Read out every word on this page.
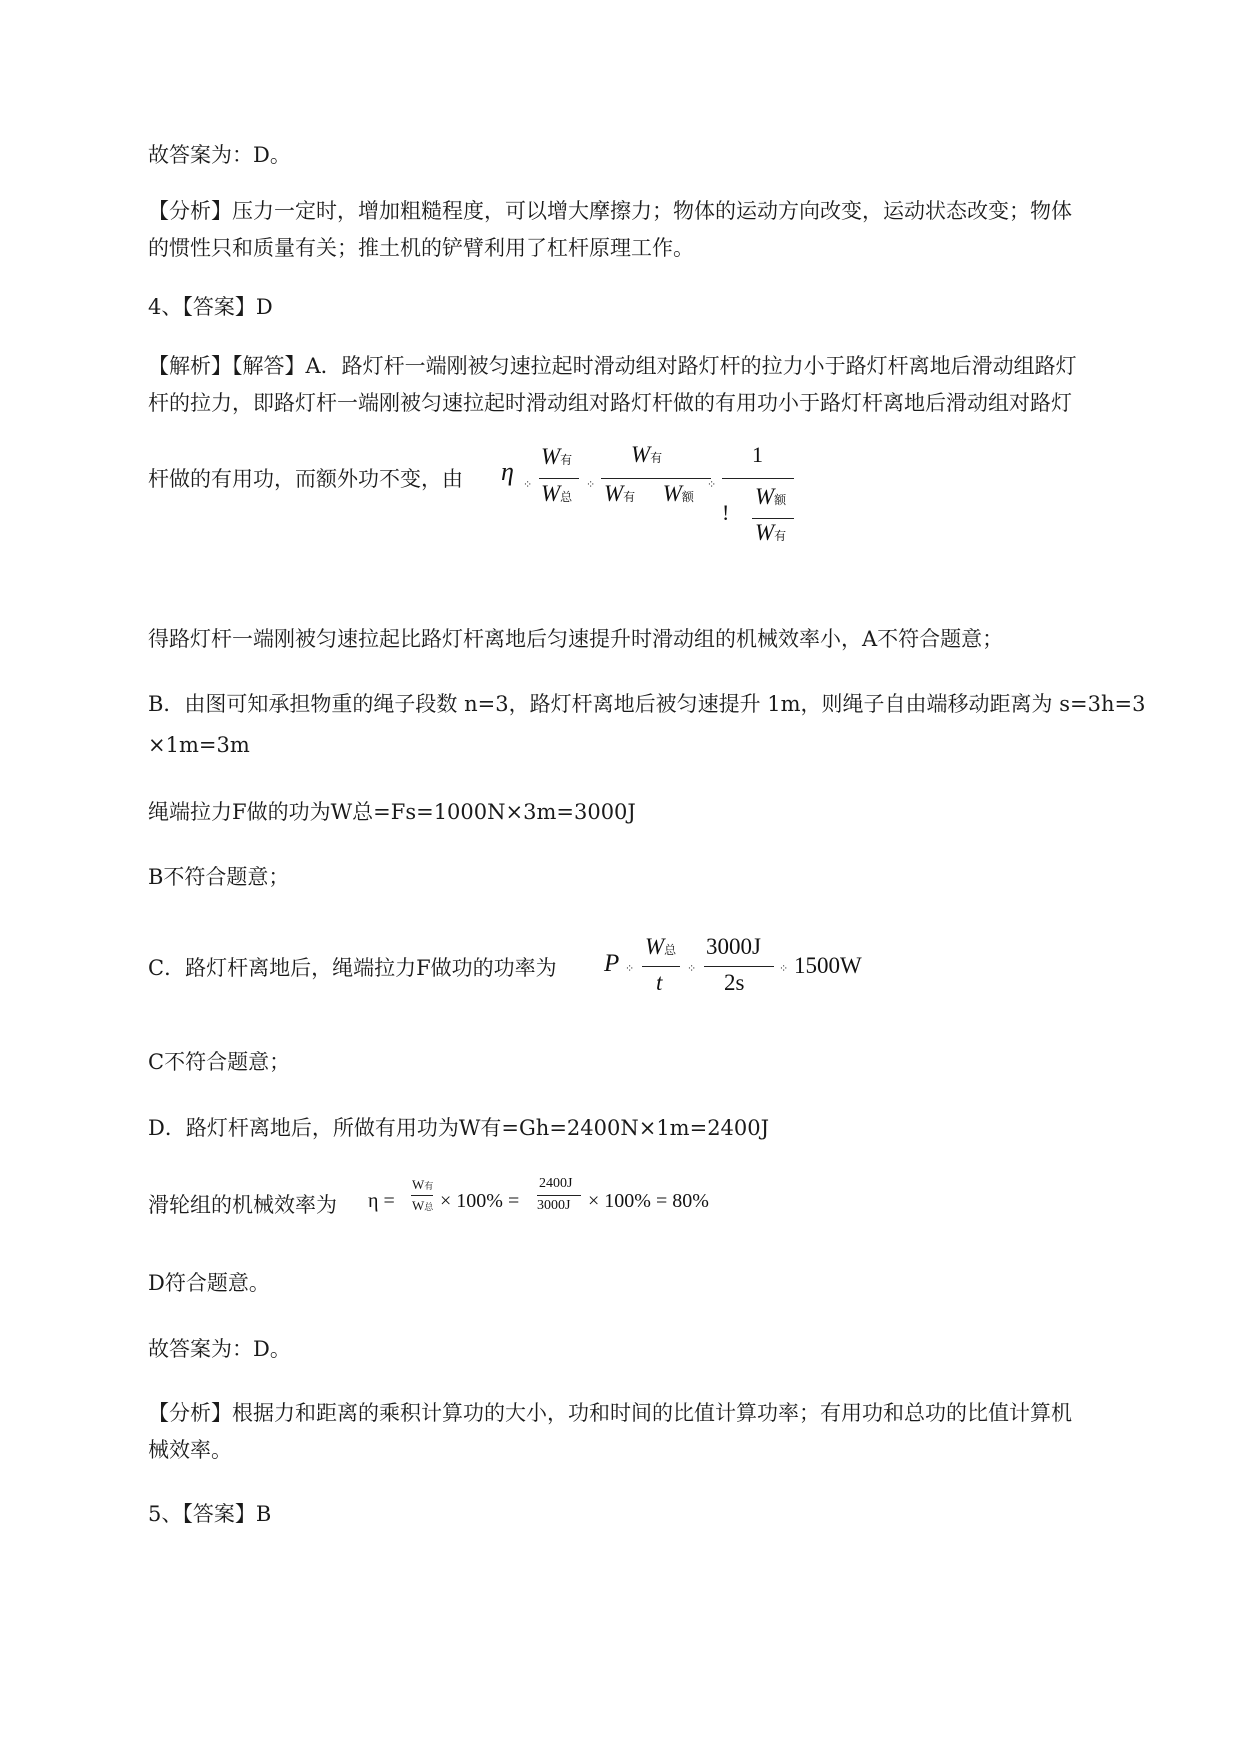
故答案为：D。
【分析】压力一定时，增加粗糙程度，可以增大摩擦力；物体的运动方向改变，运动状态改变；物体
的惯性只和质量有关；推土机的铲臂利用了杠杆原理工作。
4、【答案】D
【解析】【解答】A．路灯杆一端刚被匀速拉起时滑动组对路灯杆的拉力小于路灯杆离地后滑动组路灯
杆的拉力，即路灯杆一端刚被匀速拉起时滑动组对路灯杆做的有用功小于路灯杆离地后滑动组对路灯
杆做的有用功，而额外功不变，由	η ⁘
W有
W总
⁘
W有
W有 W额
⁘
1
!
W额
W有
得路灯杆一端刚被匀速拉起比路灯杆离地后匀速提升时滑动组的机械效率小，A不符合题意；
B．由图可知承担物重的绳子段数 n=3，路灯杆离地后被匀速提升 1m，则绳子自由端移动距离为 s=3h=3
×1m=3m
绳端拉力F做的功为W总=Fs=1000N×3m=3000J
B不符合题意；
C．路灯杆离地后，绳端拉力F做功的功率为	P ⁘
W总
t
⁘
3000J
2s
⁘ 1500W
C不符合题意；
D．路灯杆离地后，所做有用功为W有=Gh=2400N×1m=2400J
滑轮组的机械效率为	η =
W有
W总 × 100% =
2400J
3000J × 100% = 80%
D符合题意。
故答案为：D。
【分析】根据力和距离的乘积计算功的大小，功和时间的比值计算功率；有用功和总功的比值计算机
械效率。
5、【答案】B
